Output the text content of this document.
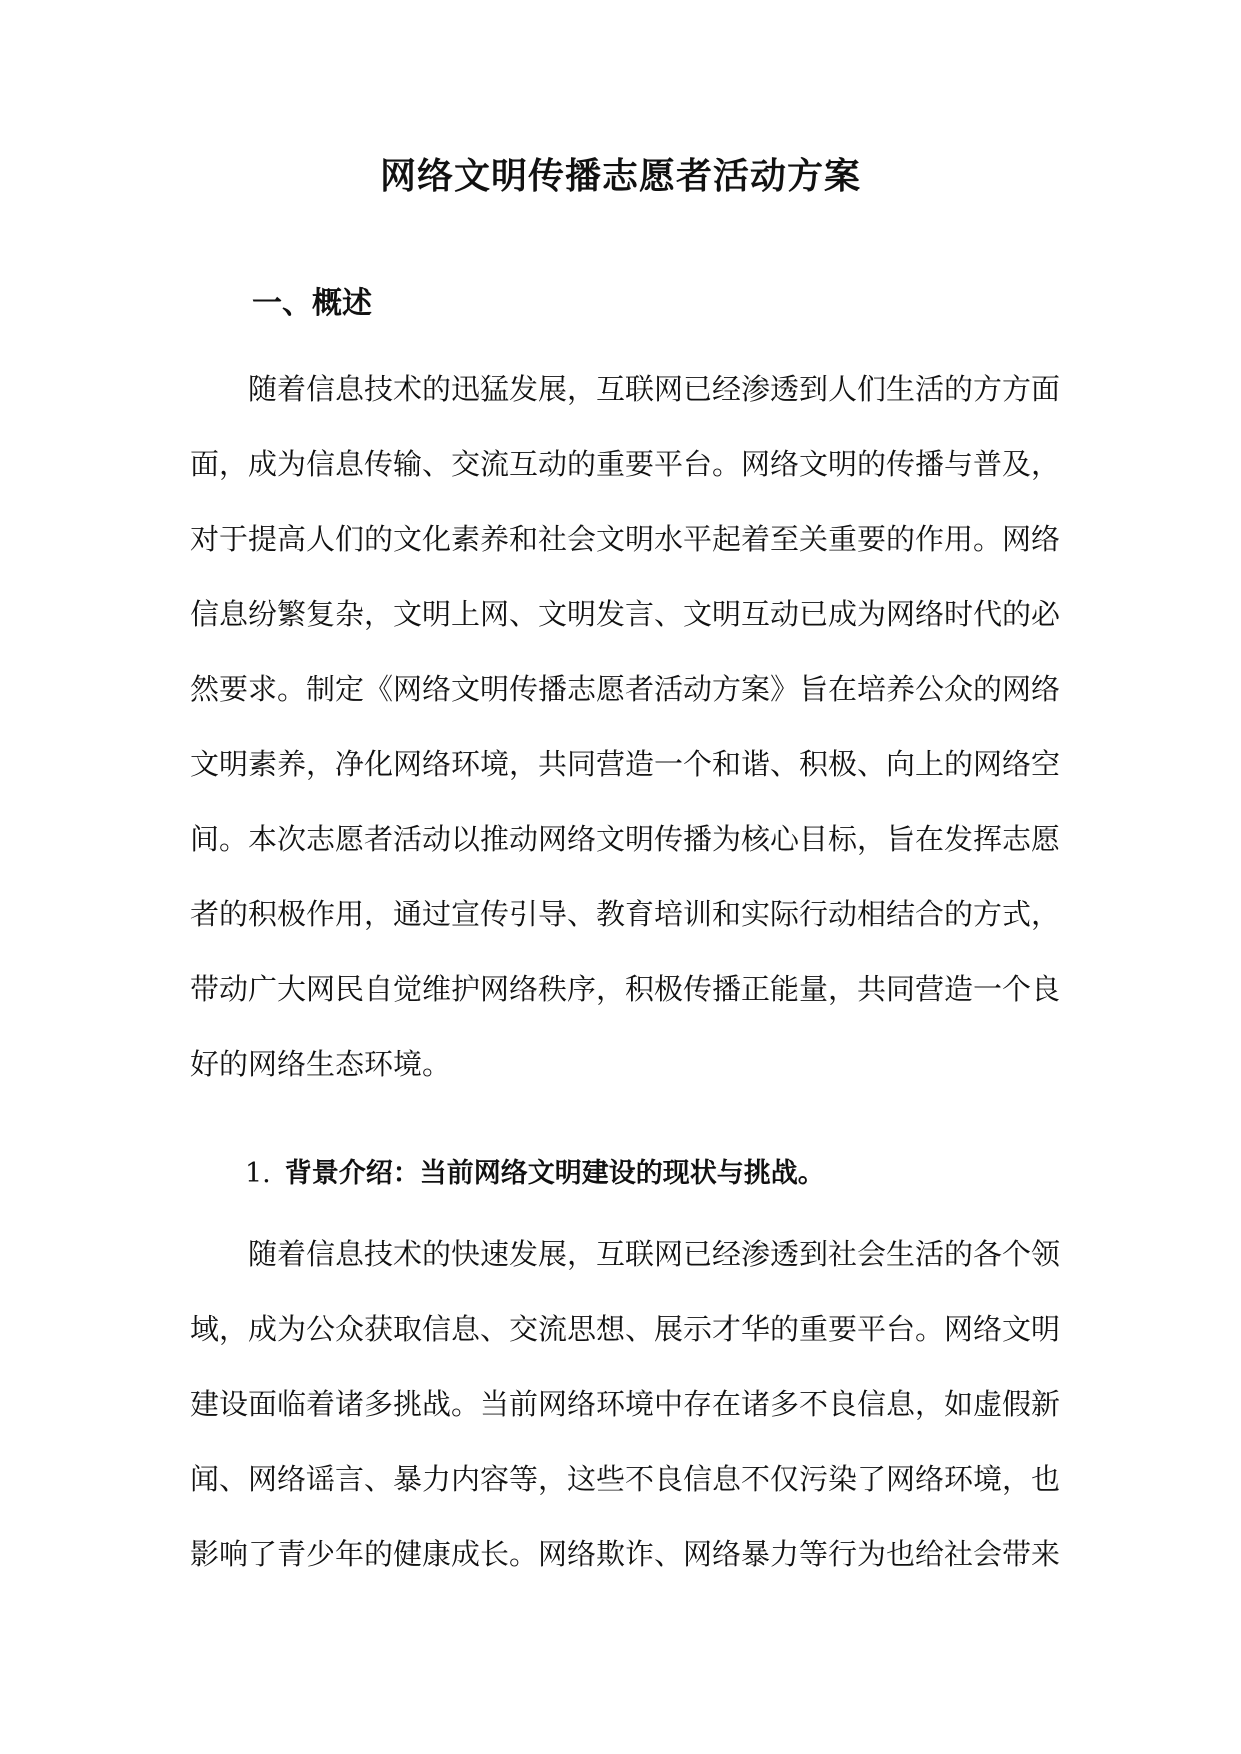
网络文明传播志愿者活动方案
一、概述
　　随着信息技术的迅猛发展，互联网已经渗透到人们生活的方方面
面，成为信息传输、交流互动的重要平台。网络文明的传播与普及，
对于提高人们的文化素养和社会文明水平起着至关重要的作用。网络
信息纷繁复杂，文明上网、文明发言、文明互动已成为网络时代的必
然要求。制定《网络文明传播志愿者活动方案》旨在培养公众的网络
文明素养，净化网络环境，共同营造一个和谐、积极、向上的网络空
间。本次志愿者活动以推动网络文明传播为核心目标，旨在发挥志愿
者的积极作用，通过宣传引导、教育培训和实际行动相结合的方式，
带动广大网民自觉维护网络秩序，积极传播正能量，共同营造一个良
好的网络生态环境。
1. 背景介绍：当前网络文明建设的现状与挑战。
　　随着信息技术的快速发展，互联网已经渗透到社会生活的各个领
域，成为公众获取信息、交流思想、展示才华的重要平台。网络文明
建设面临着诸多挑战。当前网络环境中存在诸多不良信息，如虚假新
闻、网络谣言、暴力内容等，这些不良信息不仅污染了网络环境，也
影响了青少年的健康成长。网络欺诈、网络暴力等行为也给社会带来
